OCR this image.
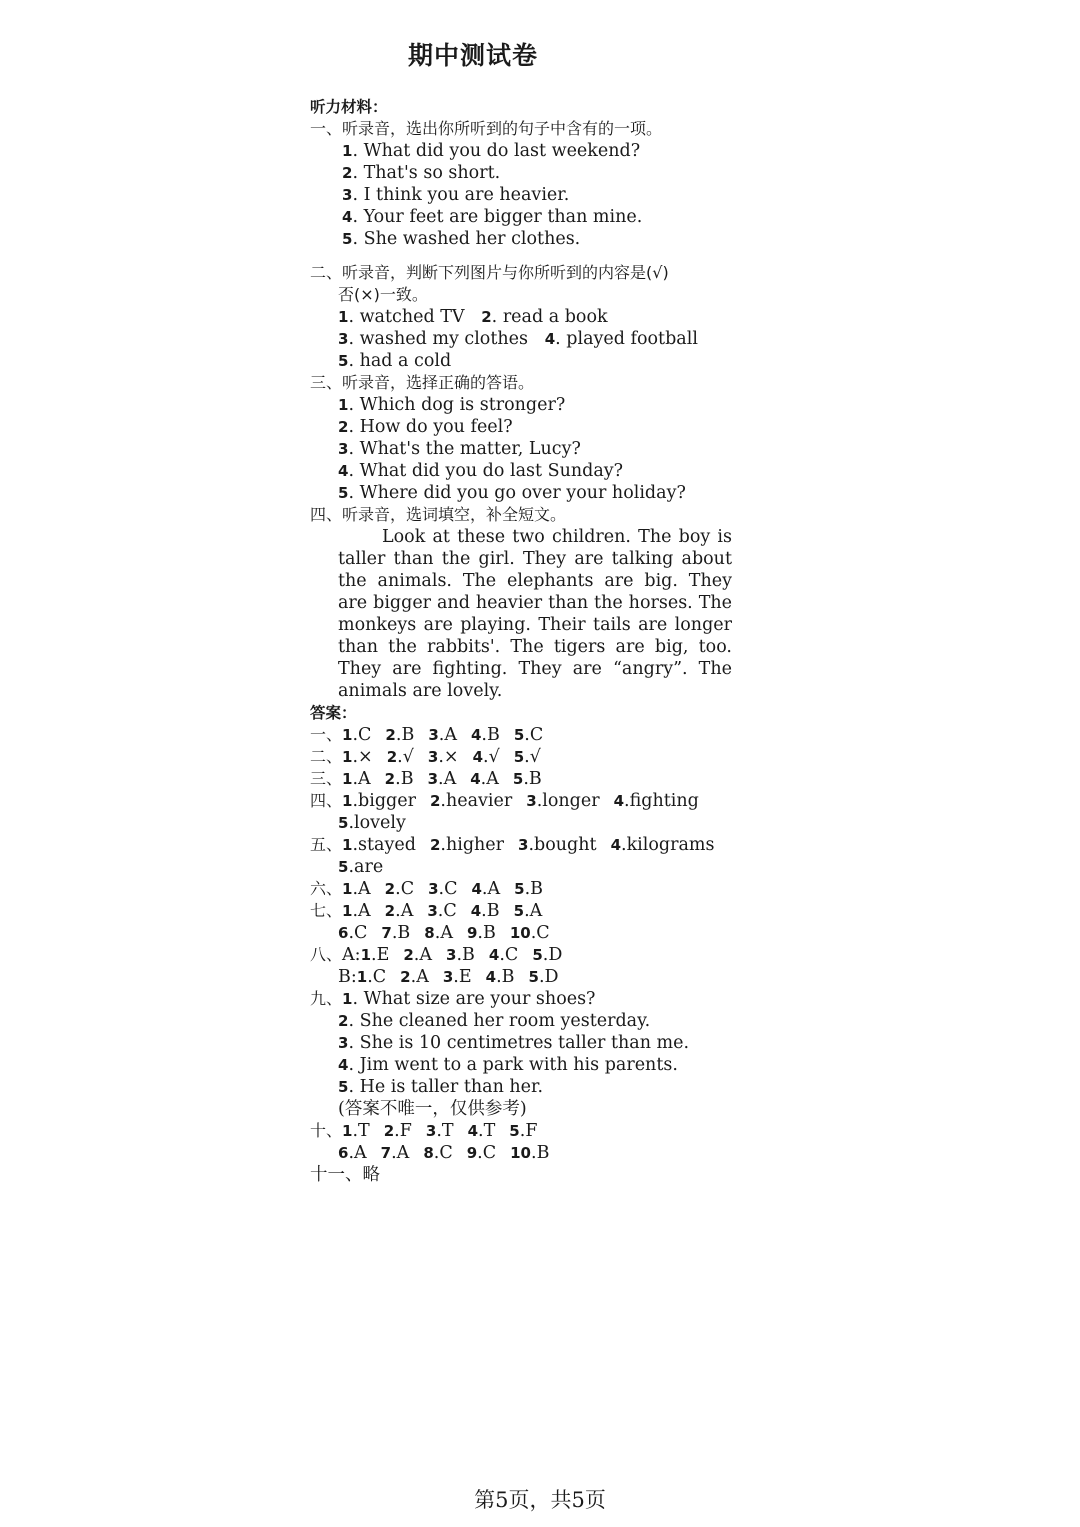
期中测试卷
听力材料：
一、听录音，选出你所听到的句子中含有的一项。
1. What did you do last weekend?
2. That's so short.
3. I think you are heavier.
4. Your feet are bigger than mine.
5. She washed her clothes.
二、听录音，判断下列图片与你所听到的内容是(√)
否(×)一致。
1. watched TV 2. read a book
3. washed my clothes 4. played football
5. had a cold
三、听录音，选择正确的答语。
1. Which dog is stronger?
2. How do you feel?
3. What's the matter, Lucy?
4. What did you do last Sunday?
5. Where did you go over your holiday?
四、听录音，选词填空，补全短文。
Look at these two children. The boy is taller than the girl. They are talking about the animals. The elephants are big. They are bigger and heavier than the horses. The monkeys are playing. Their tails are longer than the rabbits'. The tigers are big, too. They are fighting. They are “angry”. The animals are lovely.
答案：
一、1.C 2.B 3.A 4.B 5.C
二、1.× 2.√ 3.× 4.√ 5.√
三、1.A 2.B 3.A 4.A 5.B
四、1.bigger 2.heavier 3.longer 4.fighting
5.lovely
五、1.stayed 2.higher 3.bought 4.kilograms
5.are
六、1.A 2.C 3.C 4.A 5.B
七、1.A 2.A 3.C 4.B 5.A
6.C 7.B 8.A 9.B 10.C
八、A:1.E 2.A 3.B 4.C 5.D
B:1.C 2.A 3.E 4.B 5.D
九、1. What size are your shoes?
2. She cleaned her room yesterday.
3. She is 10 centimetres taller than me.
4. Jim went to a park with his parents.
5. He is taller than her.
(答案不唯一，仅供参考)
十、1.T 2.F 3.T 4.T 5.F
6.A 7.A 8.C 9.C 10.B
十一、略
第5页，共5页
